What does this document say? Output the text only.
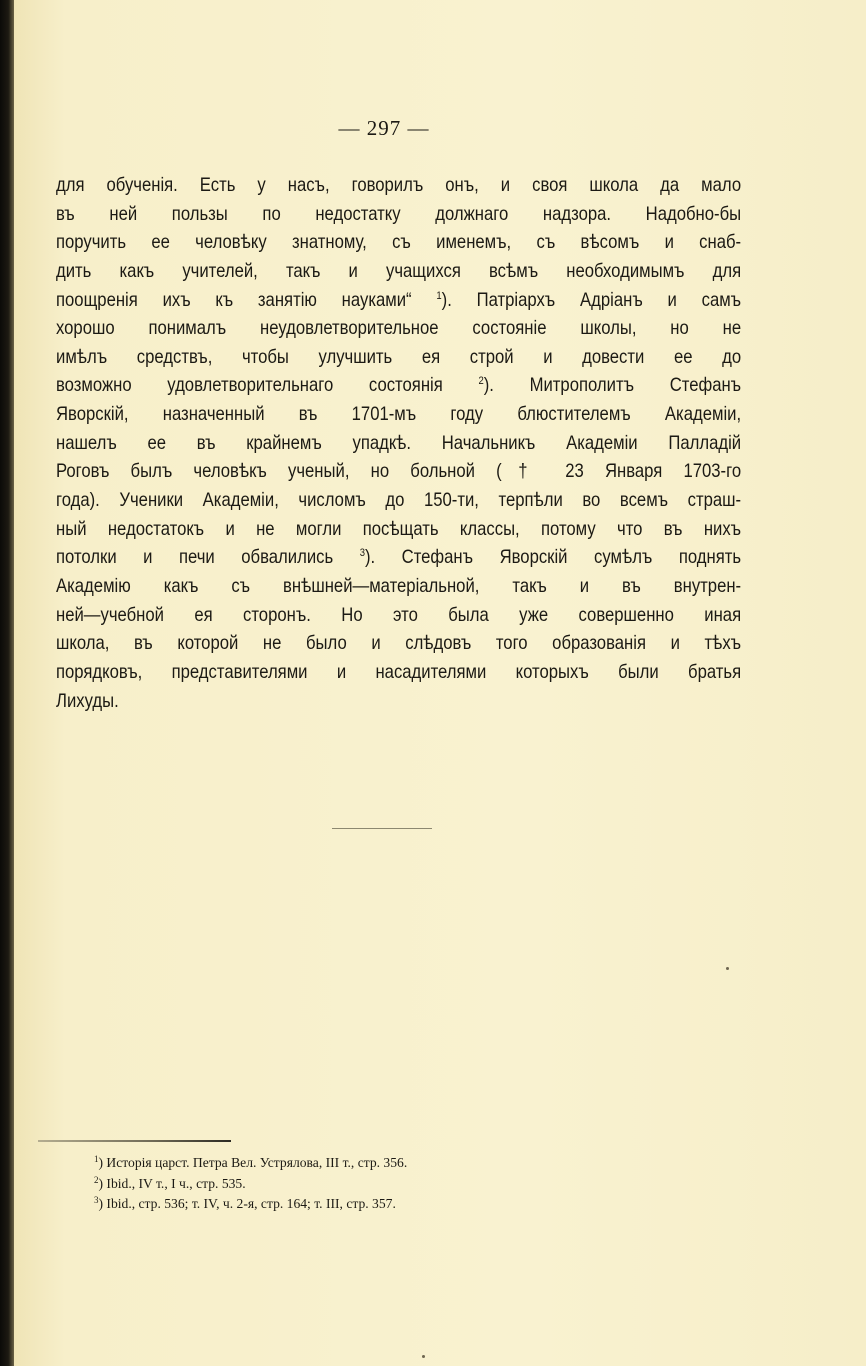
— 297 —
для обученія. Есть у насъ, говорилъ онъ, и своя школа да мало
въ ней пользы по недостатку должнаго надзора. Надобно-бы
поручить ее человѣку знатному, съ именемъ, съ вѣсомъ и снаб-
дить какъ учителей, такъ и учащихся всѣмъ необходимымъ для
поощренія ихъ къ занятію науками“ $^1$). Патріархъ Адріанъ и самъ
хорошо понималъ неудовлетворительное состояніе школы, но не
имѣлъ средствъ, чтобы улучшить ея строй и довести ее до
возможно удовлетворительнаго состоянія $^2$). Митрополитъ Стефанъ
Яворскій, назначенный въ 1701-мъ году блюстителемъ Академіи,
нашелъ ее въ крайнемъ упадкѣ. Начальникъ Академіи Палладій
Роговъ былъ человѣкъ ученый, но больной († 23 Января 1703-го
года). Ученики Академіи, числомъ до 150-ти, терпѣли во всемъ страш-
ный недостатокъ и не могли посѣщать классы, потому что въ нихъ
потолки и печи обвалились $^3$). Стефанъ Яворскій сумѣлъ поднять
Академію какъ съ внѣшней—матеріальной, такъ и въ внутрен-
ней—учебной ея сторонъ. Но это была уже совершенно иная
школа, въ которой не было и слѣдовъ того образованія и тѣхъ
порядковъ, представителями и насадителями которыхъ были братья
Лихуды.
$^1$) Исторія царст. Петра Вел. Устрялова, III т., стр. 356.
$^2$) Ibid., IV т., I ч., стр. 535.
$^3$) Ibid., стр. 536; т. IV, ч. 2-я, стр. 164; т. III, стр. 357.
